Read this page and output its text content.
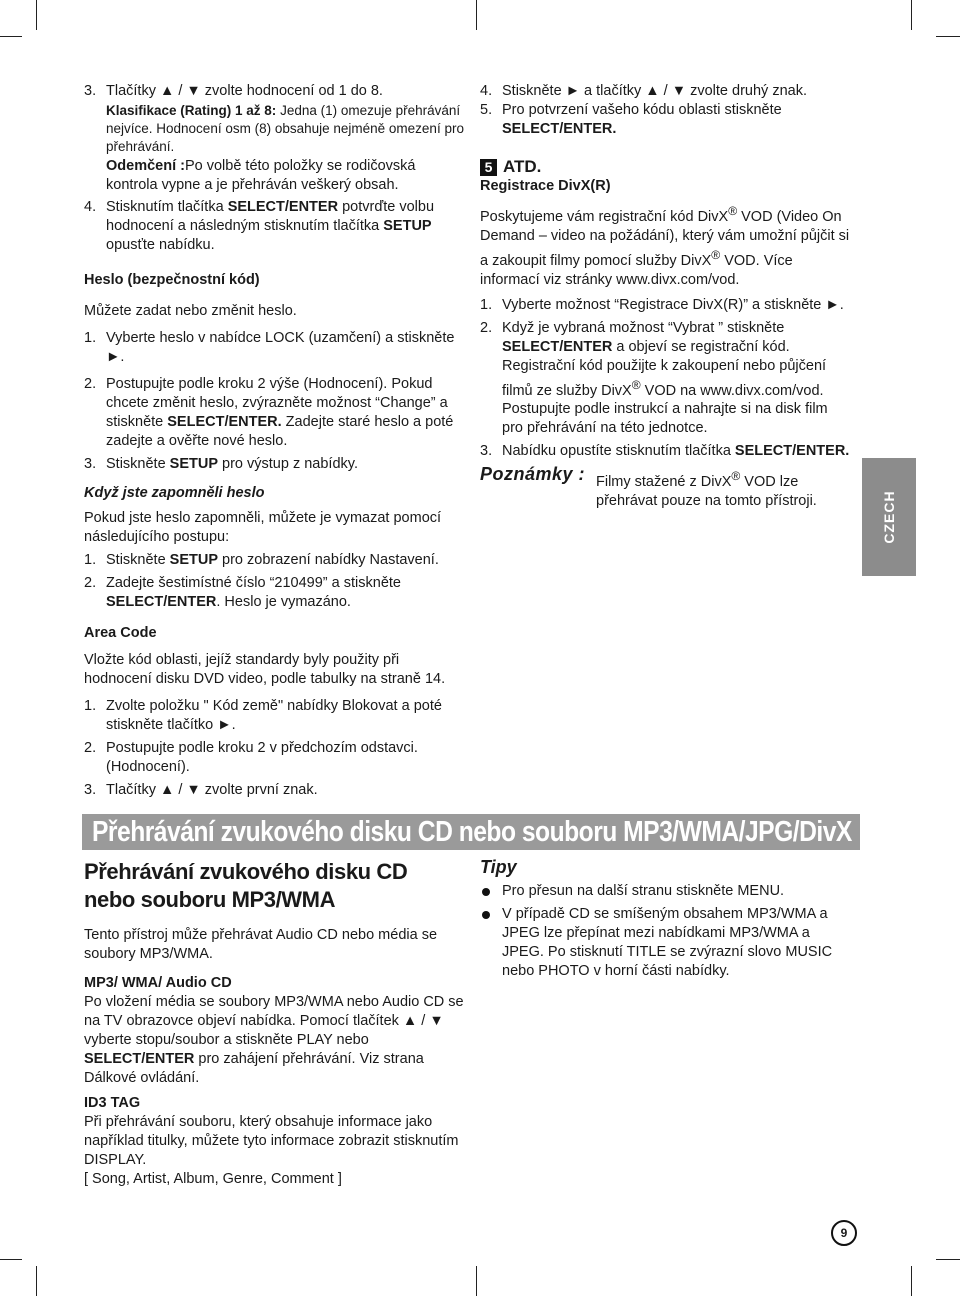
3. Tlačítky ▲ / ▼ zvolte hodnocení od 1 do 8.

Klasifikace (Rating) 1 až 8: Jedna (1) omezuje přehrávání nejvíce. Hodnocení osm (8) obsahuje nejméně omezení pro přehrávání.

Odemčení :Po volbě této položky se rodičovská kontrola vypne a je přehráván veškerý obsah.

4. Stisknutím tlačítka SELECT/ENTER potvrďte volbu hodnocení a následným stisknutím tlačítka SETUP opusťte nabídku.

Heslo (bezpečnostní kód)

Můžete zadat nebo změnit heslo.

1. Vyberte heslo v nabídce LOCK (uzamčení) a stiskněte ►.

2. Postupujte podle kroku 2 výše (Hodnocení). Pokud chcete změnit heslo, zvýrazněte možnost “Change” a stiskněte SELECT/ENTER. Zadejte staré heslo a poté zadejte a ověřte nové heslo.

3. Stiskněte SETUP pro výstup z nabídky.

Když jste zapomněli heslo

Pokud jste heslo zapomněli, můžete je vymazat pomocí následujícího postupu:

1. Stiskněte SETUP pro zobrazení nabídky Nastavení.

2. Zadejte šestimístné číslo “210499” a stiskněte SELECT/ENTER. Heslo je vymazáno.

Area Code

Vložte kód oblasti, jejíž standardy byly použity při hodnocení disku DVD video, podle tabulky na straně 14.

1. Zvolte položku " Kód země" nabídky Blokovat a poté stiskněte tlačítko ►.

2. Postupujte podle kroku 2 v předchozím odstavci.(Hodnocení).

3. Tlačítky ▲ / ▼ zvolte první znak.

4. Stiskněte ► a tlačítky ▲ / ▼ zvolte druhý znak.

5. Pro potvrzení vašeho kódu oblasti stiskněte SELECT/ENTER.

5 ATD.

Registrace DivX(R)

Poskytujeme vám registrační kód DivX® VOD (Video On Demand – video na požádání), který vám umožní půjčit si a zakoupit filmy pomocí služby DivX® VOD. Více informací viz stránky www.divx.com/vod.

1. Vyberte možnost “Registrace DivX(R)” a stiskněte ►.

2. Když je vybraná možnost “Vybrat ” stiskněte SELECT/ENTER a objeví se registrační kód. Registrační kód použijte k zakoupení nebo půjčení filmů ze služby DivX® VOD na www.divx.com/vod. Postupujte podle instrukcí a nahrajte si na disk film pro přehrávání na této jednotce.

3. Nabídku opustíte stisknutím tlačítka SELECT/ENTER.

Poznámky : Filmy stažené z DivX® VOD lze přehrávat pouze na tomto přístroji.	CZECH
Přehrávání zvukového disku CD nebo souboru MP3/WMA/JPG/DivX

Přehrávání zvukového disku CD nebo souboru MP3/WMA

Tento přístroj může přehrávat Audio CD nebo média se soubory MP3/WMA.

MP3/ WMA/ Audio CD

Po vložení média se soubory MP3/WMA nebo Audio CD se na TV obrazovce objeví nabídka. Pomocí tlačítek ▲ / ▼ vyberte stopu/soubor a stiskněte PLAY nebo SELECT/ENTER pro zahájení přehrávání. Viz strana Dálkové ovládání.

ID3 TAG

Při přehrávání souboru, který obsahuje informace jako například titulky, můžete tyto informace zobrazit stisknutím DISPLAY.

[ Song, Artist, Album, Genre, Comment ]

Tipy

Pro přesun na další stranu stiskněte MENU.

V případě CD se smíšeným obsahem MP3/WMA a JPEG lze přepínat mezi nabídkami MP3/WMA a JPEG. Po stisknutí TITLE se zvýrazní slovo MUSIC nebo PHOTO v horní části nabídky.

9
